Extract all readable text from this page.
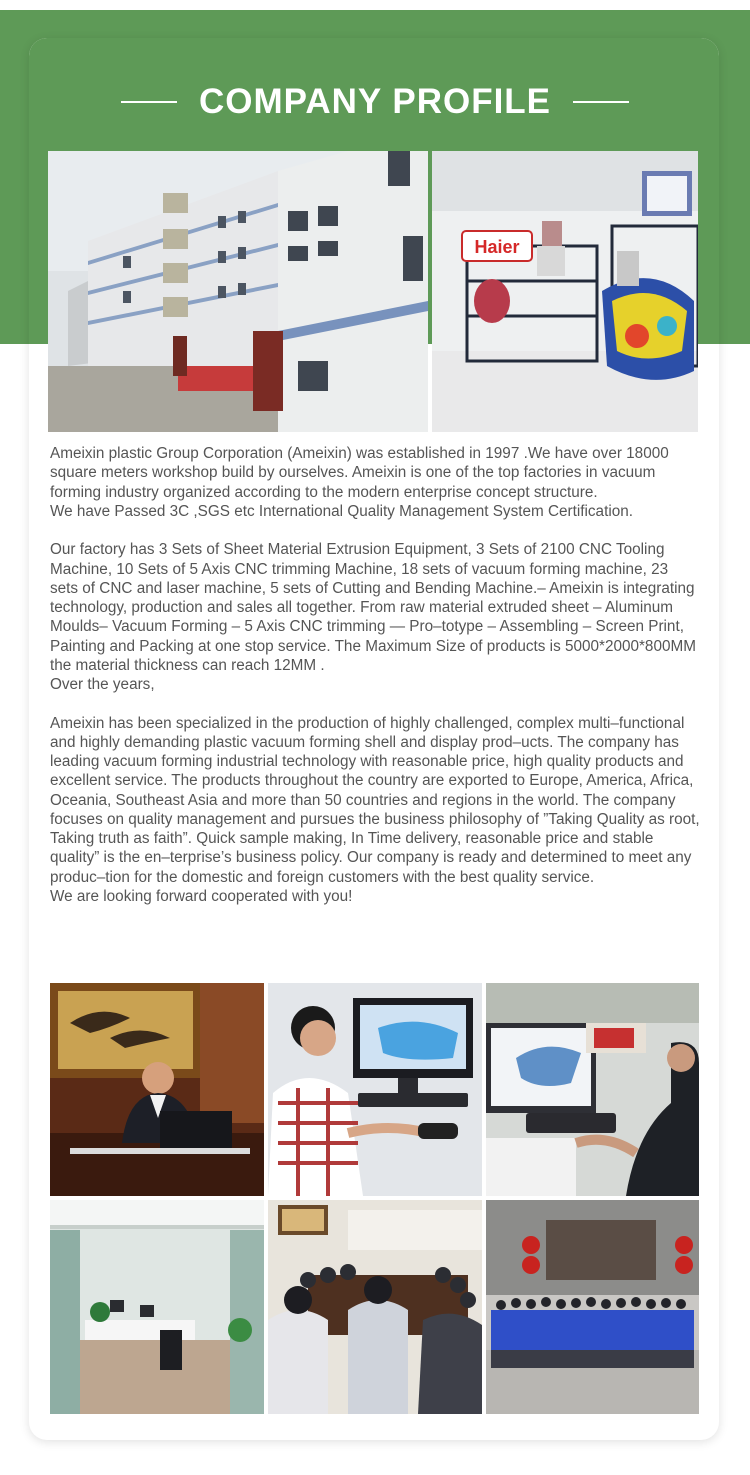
COMPANY PROFILE
Haier

Ameixin plastic Group Corporation (Ameixin) was established in 1997 .We have over 18000 square meters workshop build by ourselves. Ameixin is one of the top factories in vacuum forming industry organized according to the modern enterprise concept structure.

We have Passed 3C ,SGS etc International Quality Management System Certification.

Our factory has 3 Sets of Sheet Material Extrusion Equipment, 3 Sets of 2100 CNC Tooling Machine, 10 Sets of 5 Axis CNC trimming Machine, 18 sets of vacuum forming machine, 23 sets of CNC and laser machine, 5 sets of Cutting and Bending Machine.– Ameixin is integrating technology, production and sales all together. From raw material extruded sheet – Aluminum Moulds– Vacuum Forming – 5 Axis CNC trimming — Pro–totype – Assembling – Screen Print, Painting and Packing at one stop service. The Maximum Size of products is 5000*2000*800MM the material thickness can reach 12MM .

Over the years,

Ameixin has been specialized in the production of highly challenged, complex multi–functional and highly demanding plastic vacuum forming shell and display prod–ucts. The company has leading vacuum forming industrial technology with reasonable price, high quality products and excellent service. The products throughout the country are exported to Europe, America, Africa, Oceania, Southeast Asia and more than 50 countries and regions in the world. The company focuses on quality management and pursues the business philosophy of ”Taking Quality as root, Taking truth as faith”. Quick sample making, In Time delivery, reasonable price and stable quality” is the en–terprise’s business policy. Our company is ready and determined to meet any produc–tion for the domestic and foreign customers with the best quality service.

We are looking forward cooperated with you!
